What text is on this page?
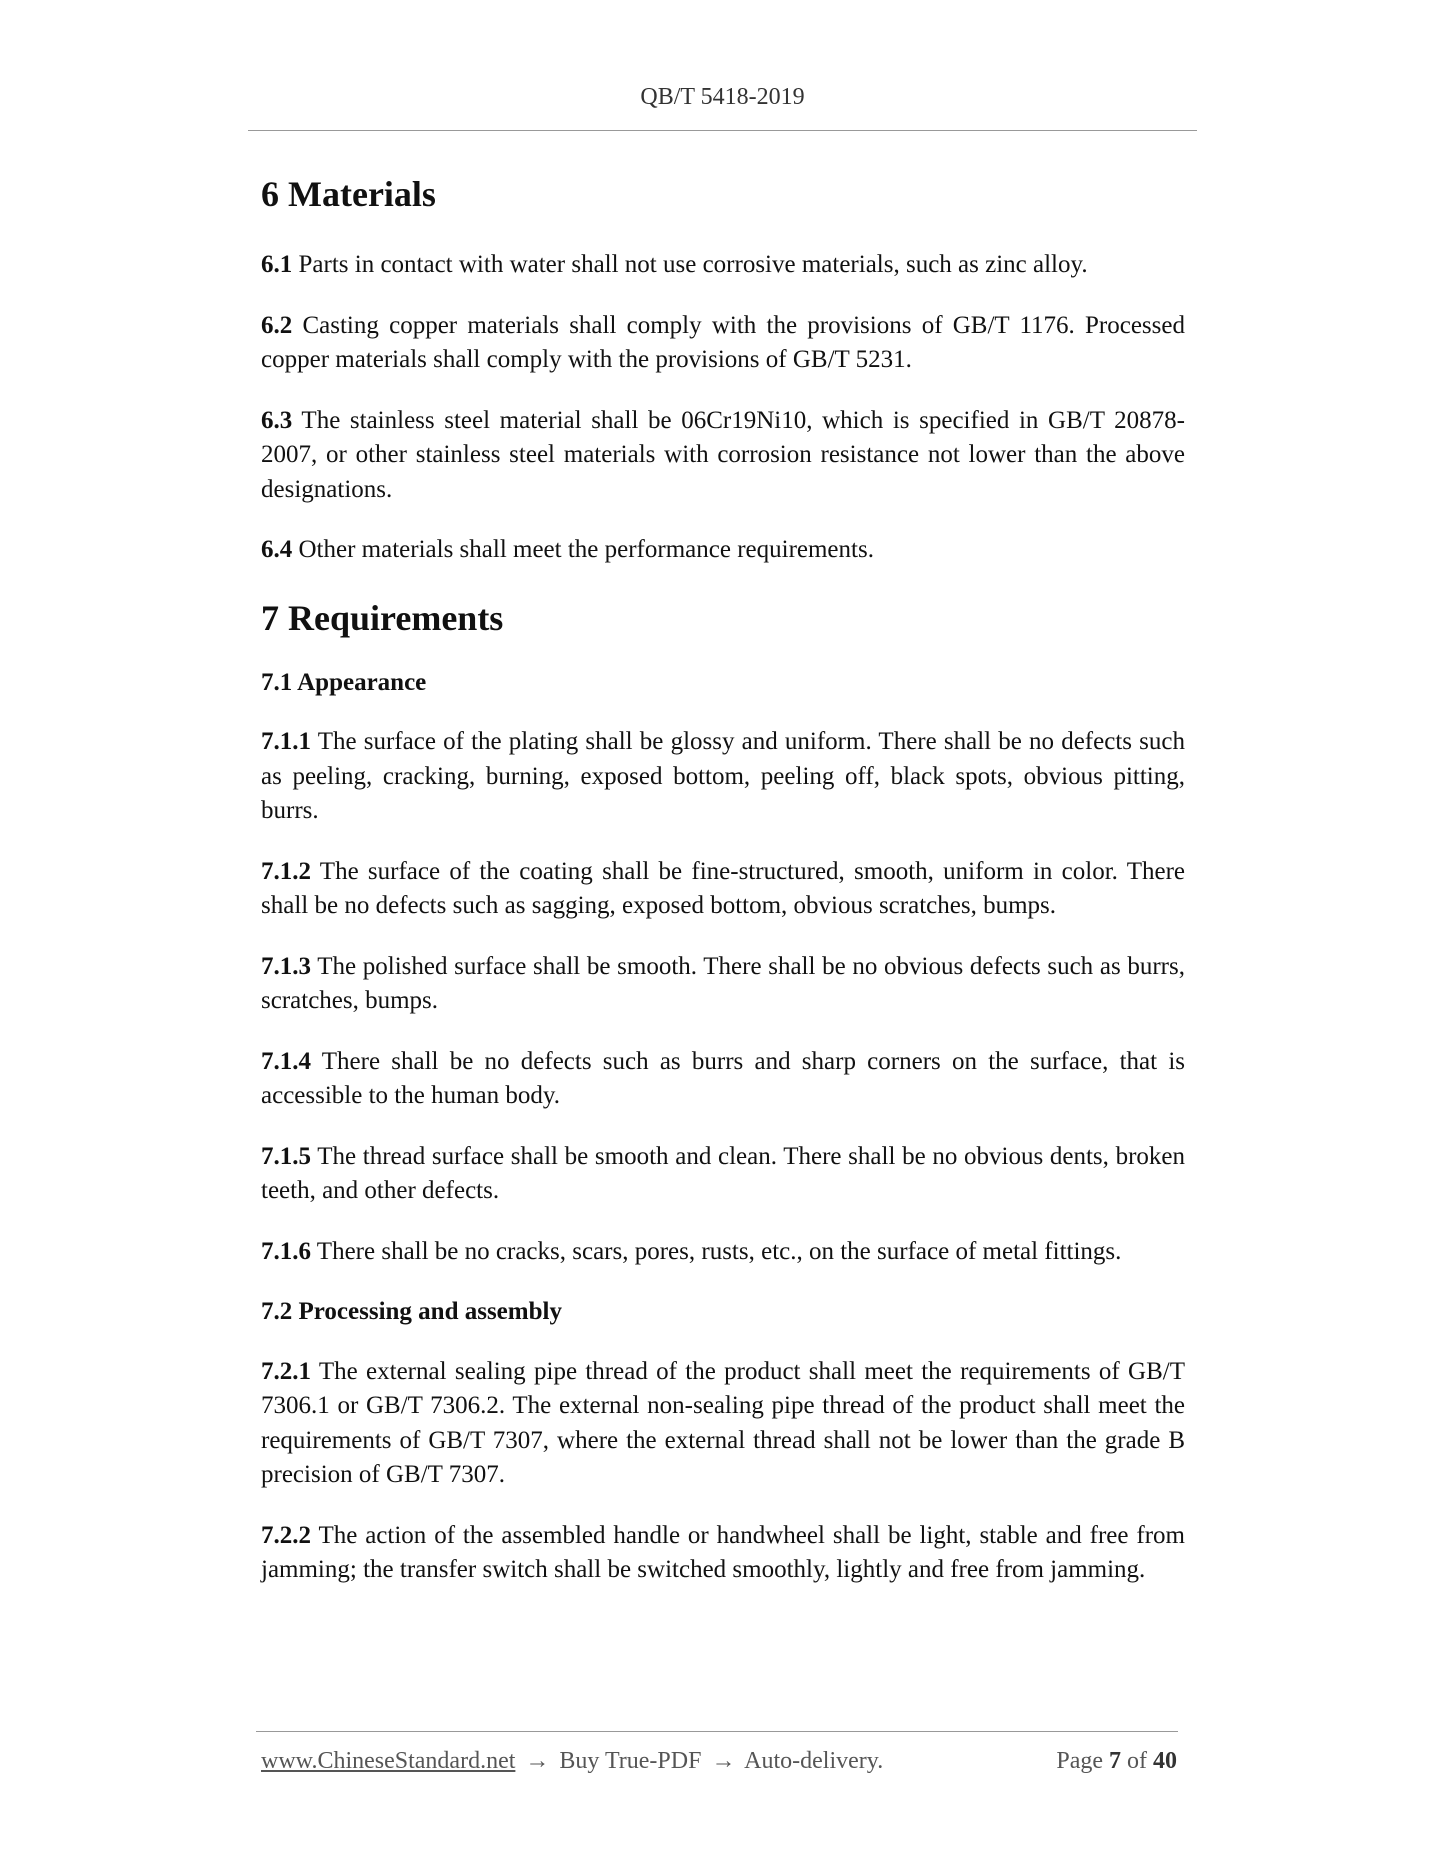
QB/T 5418-2019
6 Materials

6.1 Parts in contact with water shall not use corrosive materials, such as zinc alloy.

6.2 Casting copper materials shall comply with the provisions of GB/T 1176. Processed copper materials shall comply with the provisions of GB/T 5231.

6.3 The stainless steel material shall be 06Cr19Ni10, which is specified in GB/T 20878-2007, or other stainless steel materials with corrosion resistance not lower than the above designations.

6.4 Other materials shall meet the performance requirements.

7 Requirements
7.1 Appearance

7.1.1 The surface of the plating shall be glossy and uniform. There shall be no defects such as peeling, cracking, burning, exposed bottom, peeling off, black spots, obvious pitting, burrs.

7.1.2 The surface of the coating shall be fine-structured, smooth, uniform in color. There shall be no defects such as sagging, exposed bottom, obvious scratches, bumps.

7.1.3 The polished surface shall be smooth. There shall be no obvious defects such as burrs, scratches, bumps.

7.1.4 There shall be no defects such as burrs and sharp corners on the surface, that is accessible to the human body.

7.1.5 The thread surface shall be smooth and clean. There shall be no obvious dents, broken teeth, and other defects.

7.1.6 There shall be no cracks, scars, pores, rusts, etc., on the surface of metal fittings.

7.2 Processing and assembly

7.2.1 The external sealing pipe thread of the product shall meet the requirements of GB/T 7306.1 or GB/T 7306.2. The external non-sealing pipe thread of the product shall meet the requirements of GB/T 7307, where the external thread shall not be lower than the grade B precision of GB/T 7307.

7.2.2 The action of the assembled handle or handwheel shall be light, stable and free from jamming; the transfer switch shall be switched smoothly, lightly and free from jamming.

www.ChineseStandard.net → Buy True-PDF → Auto-delivery.	Page 7 of 40
